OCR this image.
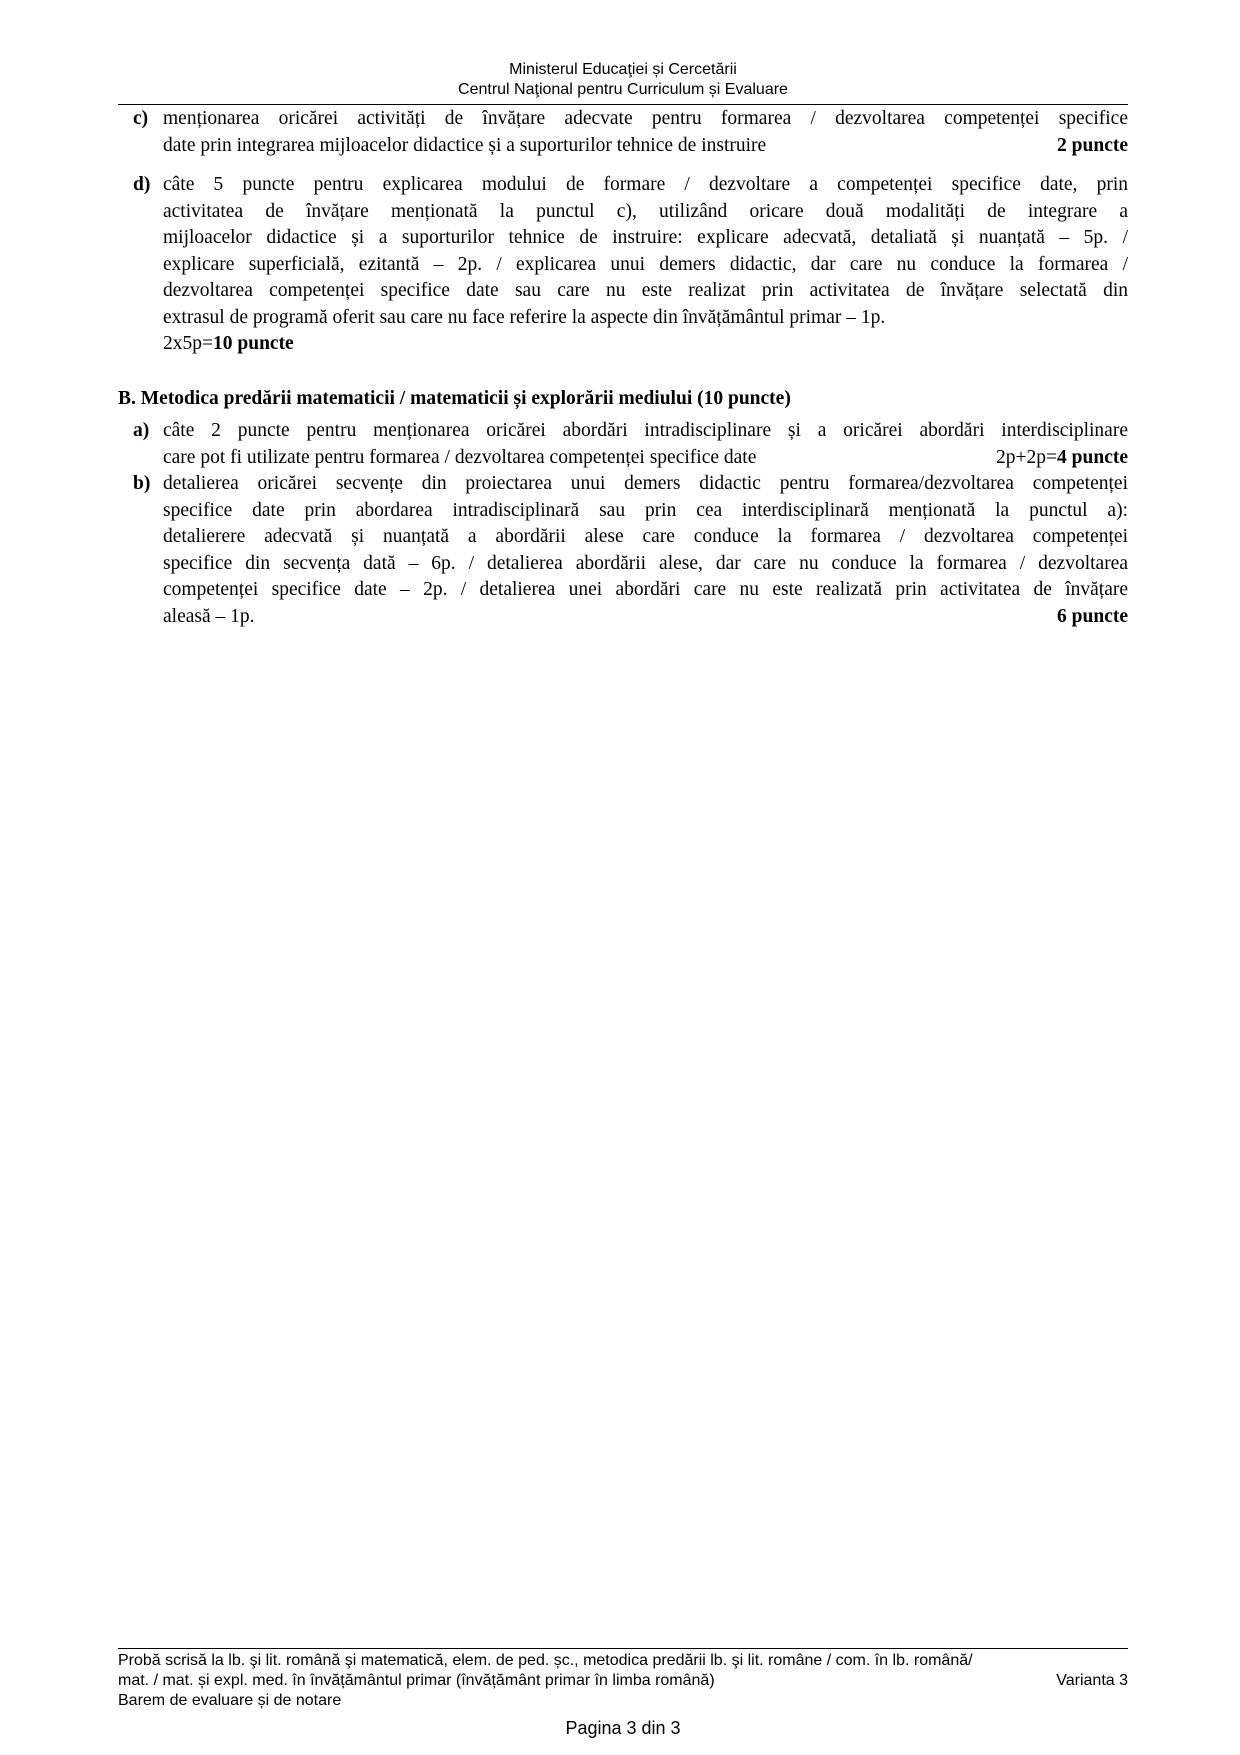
Ministerul Educaţiei și Cercetării
Centrul Naţional pentru Curriculum și Evaluare
c) menționarea oricărei activități de învățare adecvate pentru formarea / dezvoltarea competenței specifice
date prin integrarea mijloacelor didactice și a suporturilor tehnice de instruire	2 puncte
d) câte 5 puncte pentru explicarea modului de formare / dezvoltare a competenței specifice date, prin
activitatea de învățare menționată la punctul c), utilizând oricare două modalități de integrare a
mijloacelor didactice și a suporturilor tehnice de instruire: explicare adecvată, detaliată și nuanțată – 5p. /
explicare superficială, ezitantă – 2p. / explicarea unui demers didactic, dar care nu conduce la formarea /
dezvoltarea competenței specifice date sau care nu este realizat prin activitatea de învățare selectată din
extrasul de programă oferit sau care nu face referire la aspecte din învățământul primar – 1p.
2x5p=10 puncte
B. Metodica predării matematicii / matematicii și explorării mediului (10 puncte)
a) câte 2 puncte pentru menționarea oricărei abordări intradisciplinare și a oricărei abordări interdisciplinare
care pot fi utilizate pentru formarea / dezvoltarea competenței specifice date	2p+2p=4 puncte
b) detalierea oricărei secvențe din proiectarea unui demers didactic pentru formarea/dezvoltarea competenței
specifice date prin abordarea intradisciplinară sau prin cea interdisciplinară menționată la punctul a):
detalierere adecvată și nuanțată a abordării alese care conduce la formarea / dezvoltarea competenței
specifice din secvența dată – 6p. / detalierea abordării alese, dar care nu conduce la formarea / dezvoltarea
competenței specifice date – 2p. / detalierea unei abordări care nu este realizată prin activitatea de învățare
aleasă – 1p.	6 puncte
Probă scrisă la lb. şi lit. română şi matematică, elem. de ped. șc., metodica predării lb. şi lit. române / com. în lb. română/
mat. / mat. și expl. med. în învățământul primar (învățământ primar în limba română)	Varianta 3
Barem de evaluare și de notare
Pagina 3 din 3
